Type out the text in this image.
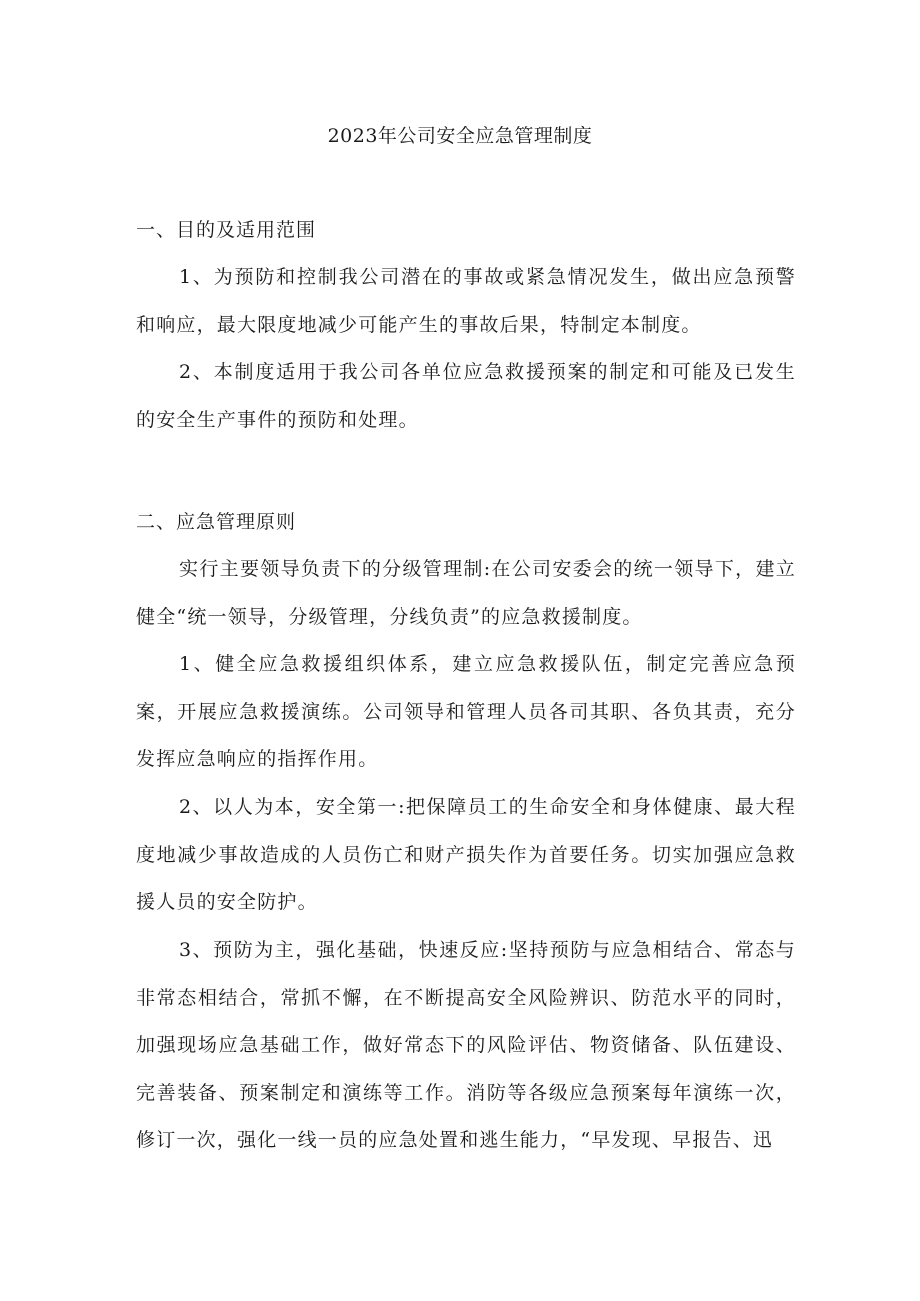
2023年公司安全应急管理制度
一、目的及适用范围

1、为预防和控制我公司潜在的事故或紧急情况发生，做出应急预警和响应，最大限度地减少可能产生的事故后果，特制定本制度。

2、本制度适用于我公司各单位应急救援预案的制定和可能及已发生的安全生产事件的预防和处理。

二、应急管理原则

实行主要领导负责下的分级管理制:在公司安委会的统一领导下，建立健全“统一领导，分级管理，分线负责”的应急救援制度。

1、健全应急救援组织体系，建立应急救援队伍，制定完善应急预案，开展应急救援演练。公司领导和管理人员各司其职、各负其责，充分发挥应急响应的指挥作用。

2、以人为本，安全第一:把保障员工的生命安全和身体健康、最大程度地减少事故造成的人员伤亡和财产损失作为首要任务。切实加强应急救援人员的安全防护。

3、预防为主，强化基础，快速反应:坚持预防与应急相结合、常态与非常态相结合，常抓不懈，在不断提高安全风险辨识、防范水平的同时，加强现场应急基础工作，做好常态下的风险评估、物资储备、队伍建设、完善装备、预案制定和演练等工作。消防等各级应急预案每年演练一次，修订一次，强化一线一员的应急处置和逃生能力，“早发现、早报告、迅
